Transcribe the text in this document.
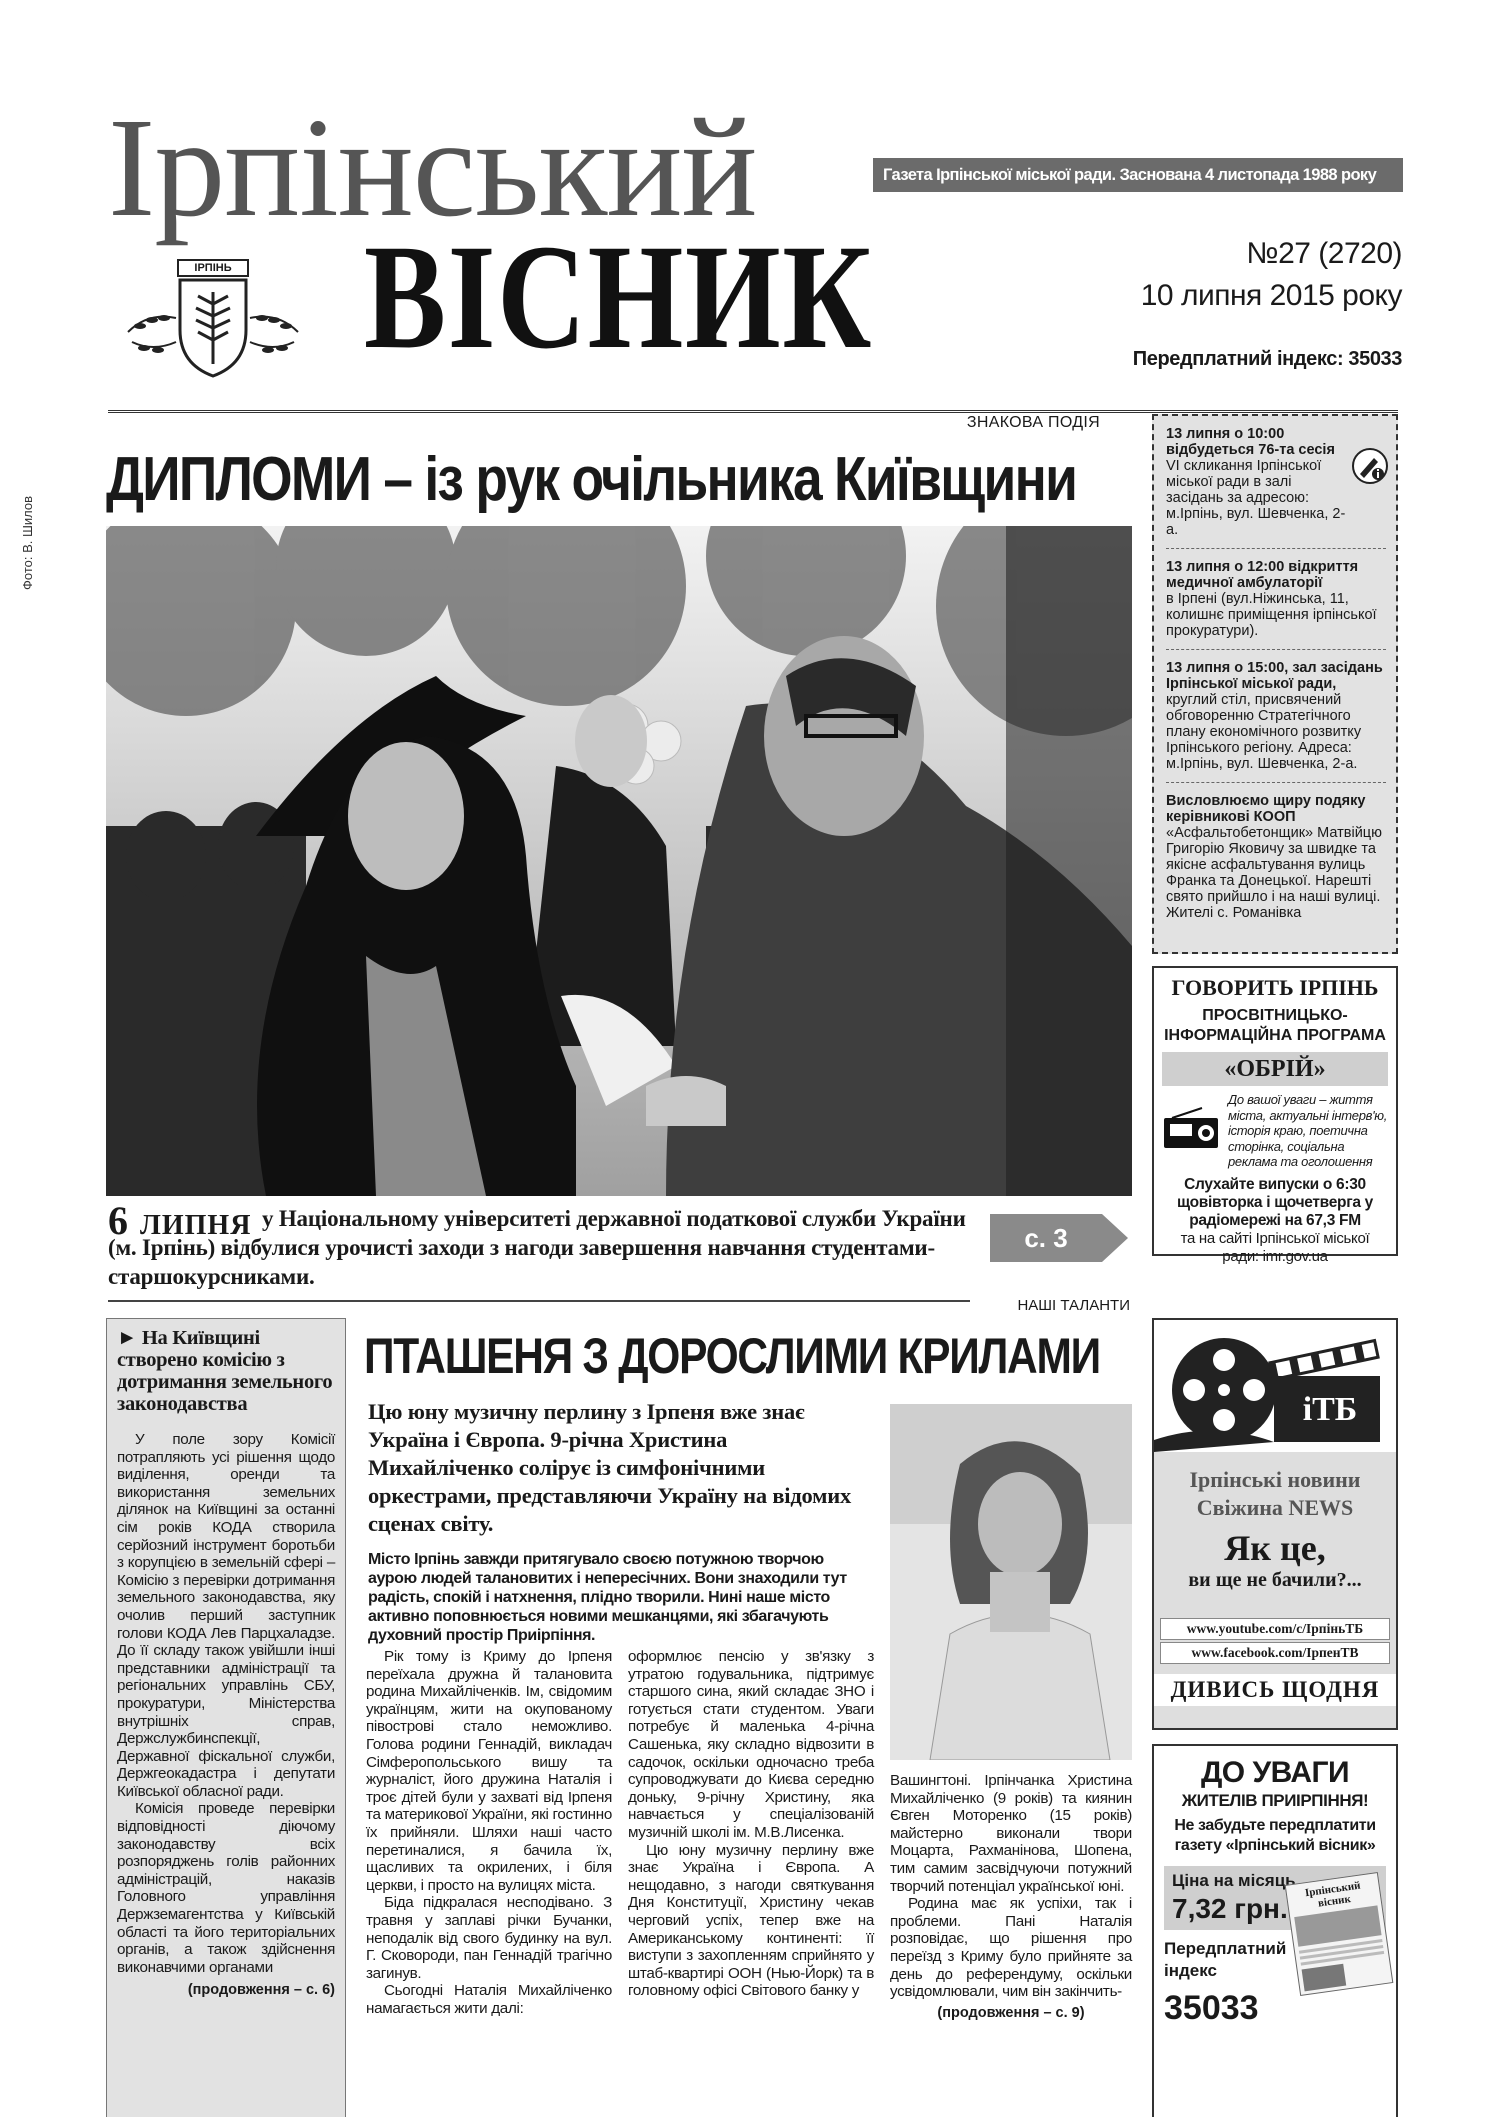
Ірпінський
ІРПІНЬ ВІСНИК
Газета Ірпінської міської ради. Заснована 4 листопада 1988 року
№27 (2720)
10 липня 2015 року
Передплатний індекс: 35033
ЗНАКОВА ПОДІЯ
ДИПЛОМИ – із рук очільника Київщини
Фото: В. Шилов
6 липня у Національному університеті державної податкової служби України (м. Ірпінь) відбулися урочисті заходи з нагоди завершення навчання студентами-старшокурсниками.
с. 3

13 липня о 10:00 відбудеться 76-та сесія

VI скликання Ірпінської міської ради в залі засідань за адресою: м.Ірпінь, вул. Шевченка, 2-а.

13 липня о 12:00 відкриття медичної амбулаторії

в Ірпені (вул.Ніжинська, 11, колишнє приміщення ірпінської прокуратури).

13 липня о 15:00, зал засідань Ірпінської міської ради,

круглий стіл, присвячений обговоренню Стратегічного плану економічного розвитку Ірпінського регіону. Адреса: м.Ірпінь, вул. Шевченка, 2-а.

Висловлюємо щиру подяку керівникові КООП

«Асфальтобетонщик» Матвійцю Григорію Яковичу за швидке та якісне асфальтування вулиць Франка та Донецької. Нарешті свято прийшло і на наші вулиці. Жителі с. Романівка

ГОВОРИТЬ ІРПІНЬ
ПРОСВІТНИЦЬКО-ІНФОРМАЦІЙНА ПРОГРАМА
«ОБРІЙ»
До вашої уваги – життя міста, актуальні інтерв'ю, історія краю, поетична сторінка, соціальна реклама та оголошення
Слухайте випуски о 6:30 щовівторка і щочетверга у радіомережі на 67,3 FM
та на сайті Ірпінської міської ради: imr.gov.ua
НАШІ ТАЛАНТИ
► На Київщині створено комісію з дотримання земельного законодавства

У поле зору Комісії потрапляють усі рішення щодо виділення, оренди та використання земельних ділянок на Київщині за останні сім років КОДА створила серйозний інструмент боротьби з корупцією в земельній сфері – Комісію з перевірки дотримання земельного законодавства, яку очолив перший заступник голови КОДА Лев Парцхаладзе. До її складу також увійшли інші представники адміністрації та регіональних управлінь СБУ, прокуратури, Міністерства внутрішніх справ, Держслужбинспекції, Державної фіскальної служби, Держгеокадастра і депутати Київської обласної ради.

Комісія проведе перевірки відповідності діючому законодавству всіх розпоряджень голів районних адміністрацій, наказів Головного управління Держземагентства у Київській області та його територіальних органів, а також здійснення виконавчими органами

(продовження – с. 6)
ПТАШЕНЯ З ДОРОСЛИМИ КРИЛАМИ
Цю юну музичну перлину з Ірпеня вже знає Україна і Європа. 9-річна Христина Михайліченко солірує із симфонічними оркестрами, представляючи Україну на відомих сценах світу.
Місто Ірпінь завжди притягувало своєю потужною творчою аурою людей талановитих і непересічних. Вони знаходили тут радість, спокій і натхнення, плідно творили. Нині наше місто активно поповнюється новими мешканцями, які збагачують духовний простір Приірпіння.

Рік тому із Криму до Ірпеня переїхала дружна й талановита родина Михайліченків. Ім, свідомим українцям, жити на окупованому півострові стало неможливо. Голова родини Геннадій, викладач Сімферопольського вишу та журналіст, його дружина Наталія і троє дітей були у захваті від Ірпеня та материкової України, які гостинно їх прийняли. Шляхи наші часто перетиналися, я бачила їх, щасливих та окрилених, і біля церкви, і просто на вулицях міста.

Біда підкралася несподівано. З травня у заплаві річки Бучанки, неподалік від свого будинку на вул. Г. Сковороди, пан Геннадій трагічно загинув.

Сьогодні Наталія Михайліченко намагається жити далі:

оформлює пенсію у зв'язку з утратою годувальника, підтримує старшого сина, який складає ЗНО і готується стати студентом. Уваги потребує й маленька 4-річна Сашенька, яку складно відвозити в садочок, оскільки одночасно треба супроводжувати до Києва середню доньку, 9-річну Христину, яка навчається у спеціалізованій музичній школі ім. М.В.Лисенка.

Цю юну музичну перлину вже знає Україна і Європа. А нещодавно, з нагоди святкування Дня Конституції, Христину чекав черговий успіх, тепер вже на Американському континенті: її виступи з захопленням сприйнято у штаб-квартирі ООН (Нью-Йорк) та в головному офісі Світового банку у

Вашингтоні. Ірпінчанка Христина Михайліченко (9 років) та киянин Євген Моторенко (15 років) майстерно виконали твори Моцарта, Рахманінова, Шопена, тим самим засвідчуючи потужний творчий потенціал української юні.

Родина має як успіхи, так і проблеми. Пані Наталія розповідає, що рішення про переїзд з Криму було прийняте за день до референдуму, оскільки усвідомлювали, чим він закінчить-

(продовження – с. 9)
іТБ
Ірпінські новини
Свіжина NEWS
Як це,
ви ще не бачили?...
www.youtube.com/c/ІрпіньТБ
www.facebook.com/ІрпенТВ
ДИВИСЬ ЩОДНЯ
ДО УВАГИ
ЖИТЕЛІВ ПРИІРПІННЯ!
Не забудьте передплатити газету «Ірпінський вісник»
Ціна на місяць
7,32 грн.
Передплатний індекс
35033
Ірпінський вісник
